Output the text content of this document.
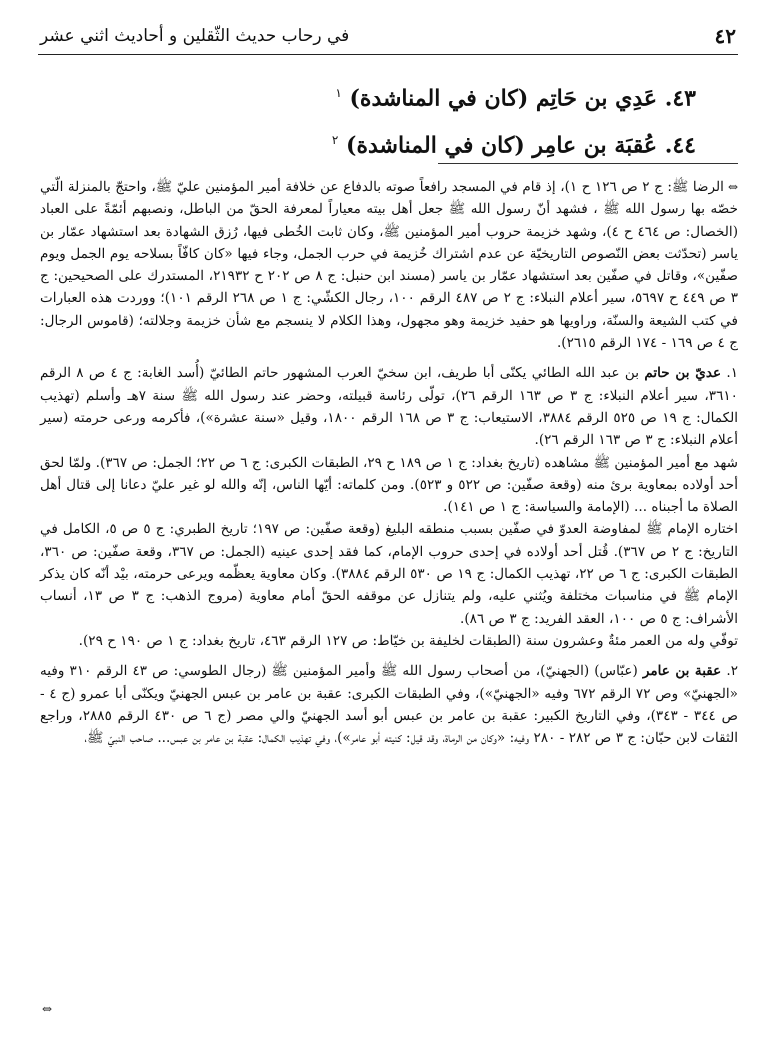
٤٢
في رحاب حديث الثّقلين و أحاديث اثني عشر
٤٣. عَدِي بن حَاتِم (كان في المناشدة) $^١$
٤٤. عُقبَة بن عامِر (كان في المناشدة) $^٢$

⇔الرضا ﷺ: ج ٢ ص ١٢٦ ح ١)، إذ قام في المسجد رافعاً صوته بالدفاع عن خلافة أمير المؤمنين عليّ ﷺ، واحتجّ بالمنزلة الّتي خصّه بها رسول الله ﷺ ، فشهد أنّ رسول الله ﷺ جعل أهل بيته معياراً لمعرفة الحقّ من الباطل، ونصبهم أئمّةً على العباد (الخصال: ص ٤٦٤ ح ٤)، وشهد خزيمة حروب أمير المؤمنين ﷺ، وكان ثابت الخُطى فيها، رُزق الشهادة بعد استشهاد عمّار بن ياسر (تحدّثت بعض النّصوص التاريخيّة عن عدم اشتراك خُزيمة في حرب الجمل، وجاء فيها «كان كافّاً بسلاحه يوم الجمل ويوم صفّين»، وقاتل في صفّين بعد استشهاد عمّار بن ياسر (مسند ابن حنبل: ج ٨ ص ٢٠٢ ح ٢١٩٣٢، المستدرك على الصحيحين: ج ٣ ص ٤٤٩ ح ٥٦٩٧، سير أعلام النبلاء: ج ٢ ص ٤٨٧ الرقم ١٠٠، رجال الكشّي: ج ١ ص ٢٦٨ الرقم ١٠١)؛ ووردت هذه العبارات في كتب الشيعة والسنّة، وراويها هو حفيد خزيمة وهو مجهول، وهذا الكلام لا ينسجم مع شأن خزيمة وجلالته؛ (قاموس الرجال: ج ٤ ص ١٦٩ - ١٧٤ الرقم ٢٦١٥).

١. عديّ بن حاتم بن عبد الله الطائي يكنّى أبا طريف، ابن سخيّ العرب المشهور حاتم الطائيّ (أُسد الغابة: ج ٤ ص ٨ الرقم ٣٦١٠، سير أعلام النبلاء: ج ٣ ص ١٦٣ الرقم ٢٦)، تولّى رئاسة قبيلته، وحضر عند رسول الله ﷺ سنة ٧هـ وأسلم (تهذيب الكمال: ج ١٩ ص ٥٢٥ الرقم ٣٨٨٤، الاستيعاب: ج ٣ ص ١٦٨ الرقم ١٨٠٠، وقيل «سنة عشرة»)، فأكرمه ورعى حرمته (سير أعلام النبلاء: ج ٣ ص ١٦٣ الرقم ٢٦).

شهد مع أمير المؤمنين ﷺ مشاهده (تاريخ بغداد: ج ١ ص ١٨٩ ح ٢٩، الطبقات الكبرى: ج ٦ ص ٢٢؛ الجمل: ص ٣٦٧). ولمّا لحق أحد أولاده بمعاوية برئ منه (وقعة صفّين: ص ٥٢٢ و ٥٢٣). ومن كلماته: أيّها الناس، إنّه والله لو غير عليّ دعانا إلى قتال أهل الصلاة ما أجبناه ... (الإمامة والسياسة: ج ١ ص ١٤١).

اختاره الإمام ﷺ لمفاوضة العدوّ في صفّين بسبب منطقه البليغ (وقعة صفّين: ص ١٩٧؛ تاريخ الطبري: ج ٥ ص ٥، الكامل في التاريخ: ج ٢ ص ٣٦٧). قُتل أحد أولاده في إحدى حروب الإمام، كما فقد إحدى عينيه (الجمل: ص ٣٦٧، وقعة صفّين: ص ٣٦٠، الطبقات الكبرى: ج ٦ ص ٢٢، تهذيب الكمال: ج ١٩ ص ٥٣٠ الرقم ٣٨٨٤). وكان معاوية يعظّمه ويرعى حرمته، بيْد أنّه كان يذكر الإمام ﷺ في مناسبات مختلفة ويُثني عليه، ولم يتنازل عن موقفه الحقّ أمام معاوية (مروج الذهب: ج ٣ ص ١٣، أنساب الأشراف: ج ٥ ص ١٠٠، العقد الفريد: ج ٣ ص ٨٦).

توفّي وله من العمر مئةٌ وعشرون سنة (الطبقات لخليفة بن خيّاط: ص ١٢٧ الرقم ٤٦٣، تاريخ بغداد: ج ١ ص ١٩٠ ح ٢٩).

٢. عقبة بن عامر (عبّاس) (الجهنيّ)، من أصحاب رسول الله ﷺ وأمير المؤمنين ﷺ (رجال الطوسي: ص ٤٣ الرقم ٣١٠ وفيه «الجهنيّ» وص ٧٢ الرقم ٦٧٢ وفيه «الجهنيّ»)، وفي الطبقات الكبرى: عقبة بن عامر بن عبس الجهنيّ ويكنّى أبا عمرو (ج ٤ - ص ٣٤٤ - ٣٤٣)، وفي التاريخ الكبير: عقبة بن عامر بن عبس أبو أسد الجهنيّ والي مصر (ج ٦ ص ٤٣٠ الرقم ٢٨٨٥، وراجع الثقات لابن حبّان: ج ٣ ص ٢٨٢ - ٢٨٠ وفيه: «وكان من الرماة، وقد قيل: كنيته أبو عامر»)، وفي تهذيب الكمال: عقبة بن عامر بن عبس... صاحب النبيّ ﷺ،

⇔
